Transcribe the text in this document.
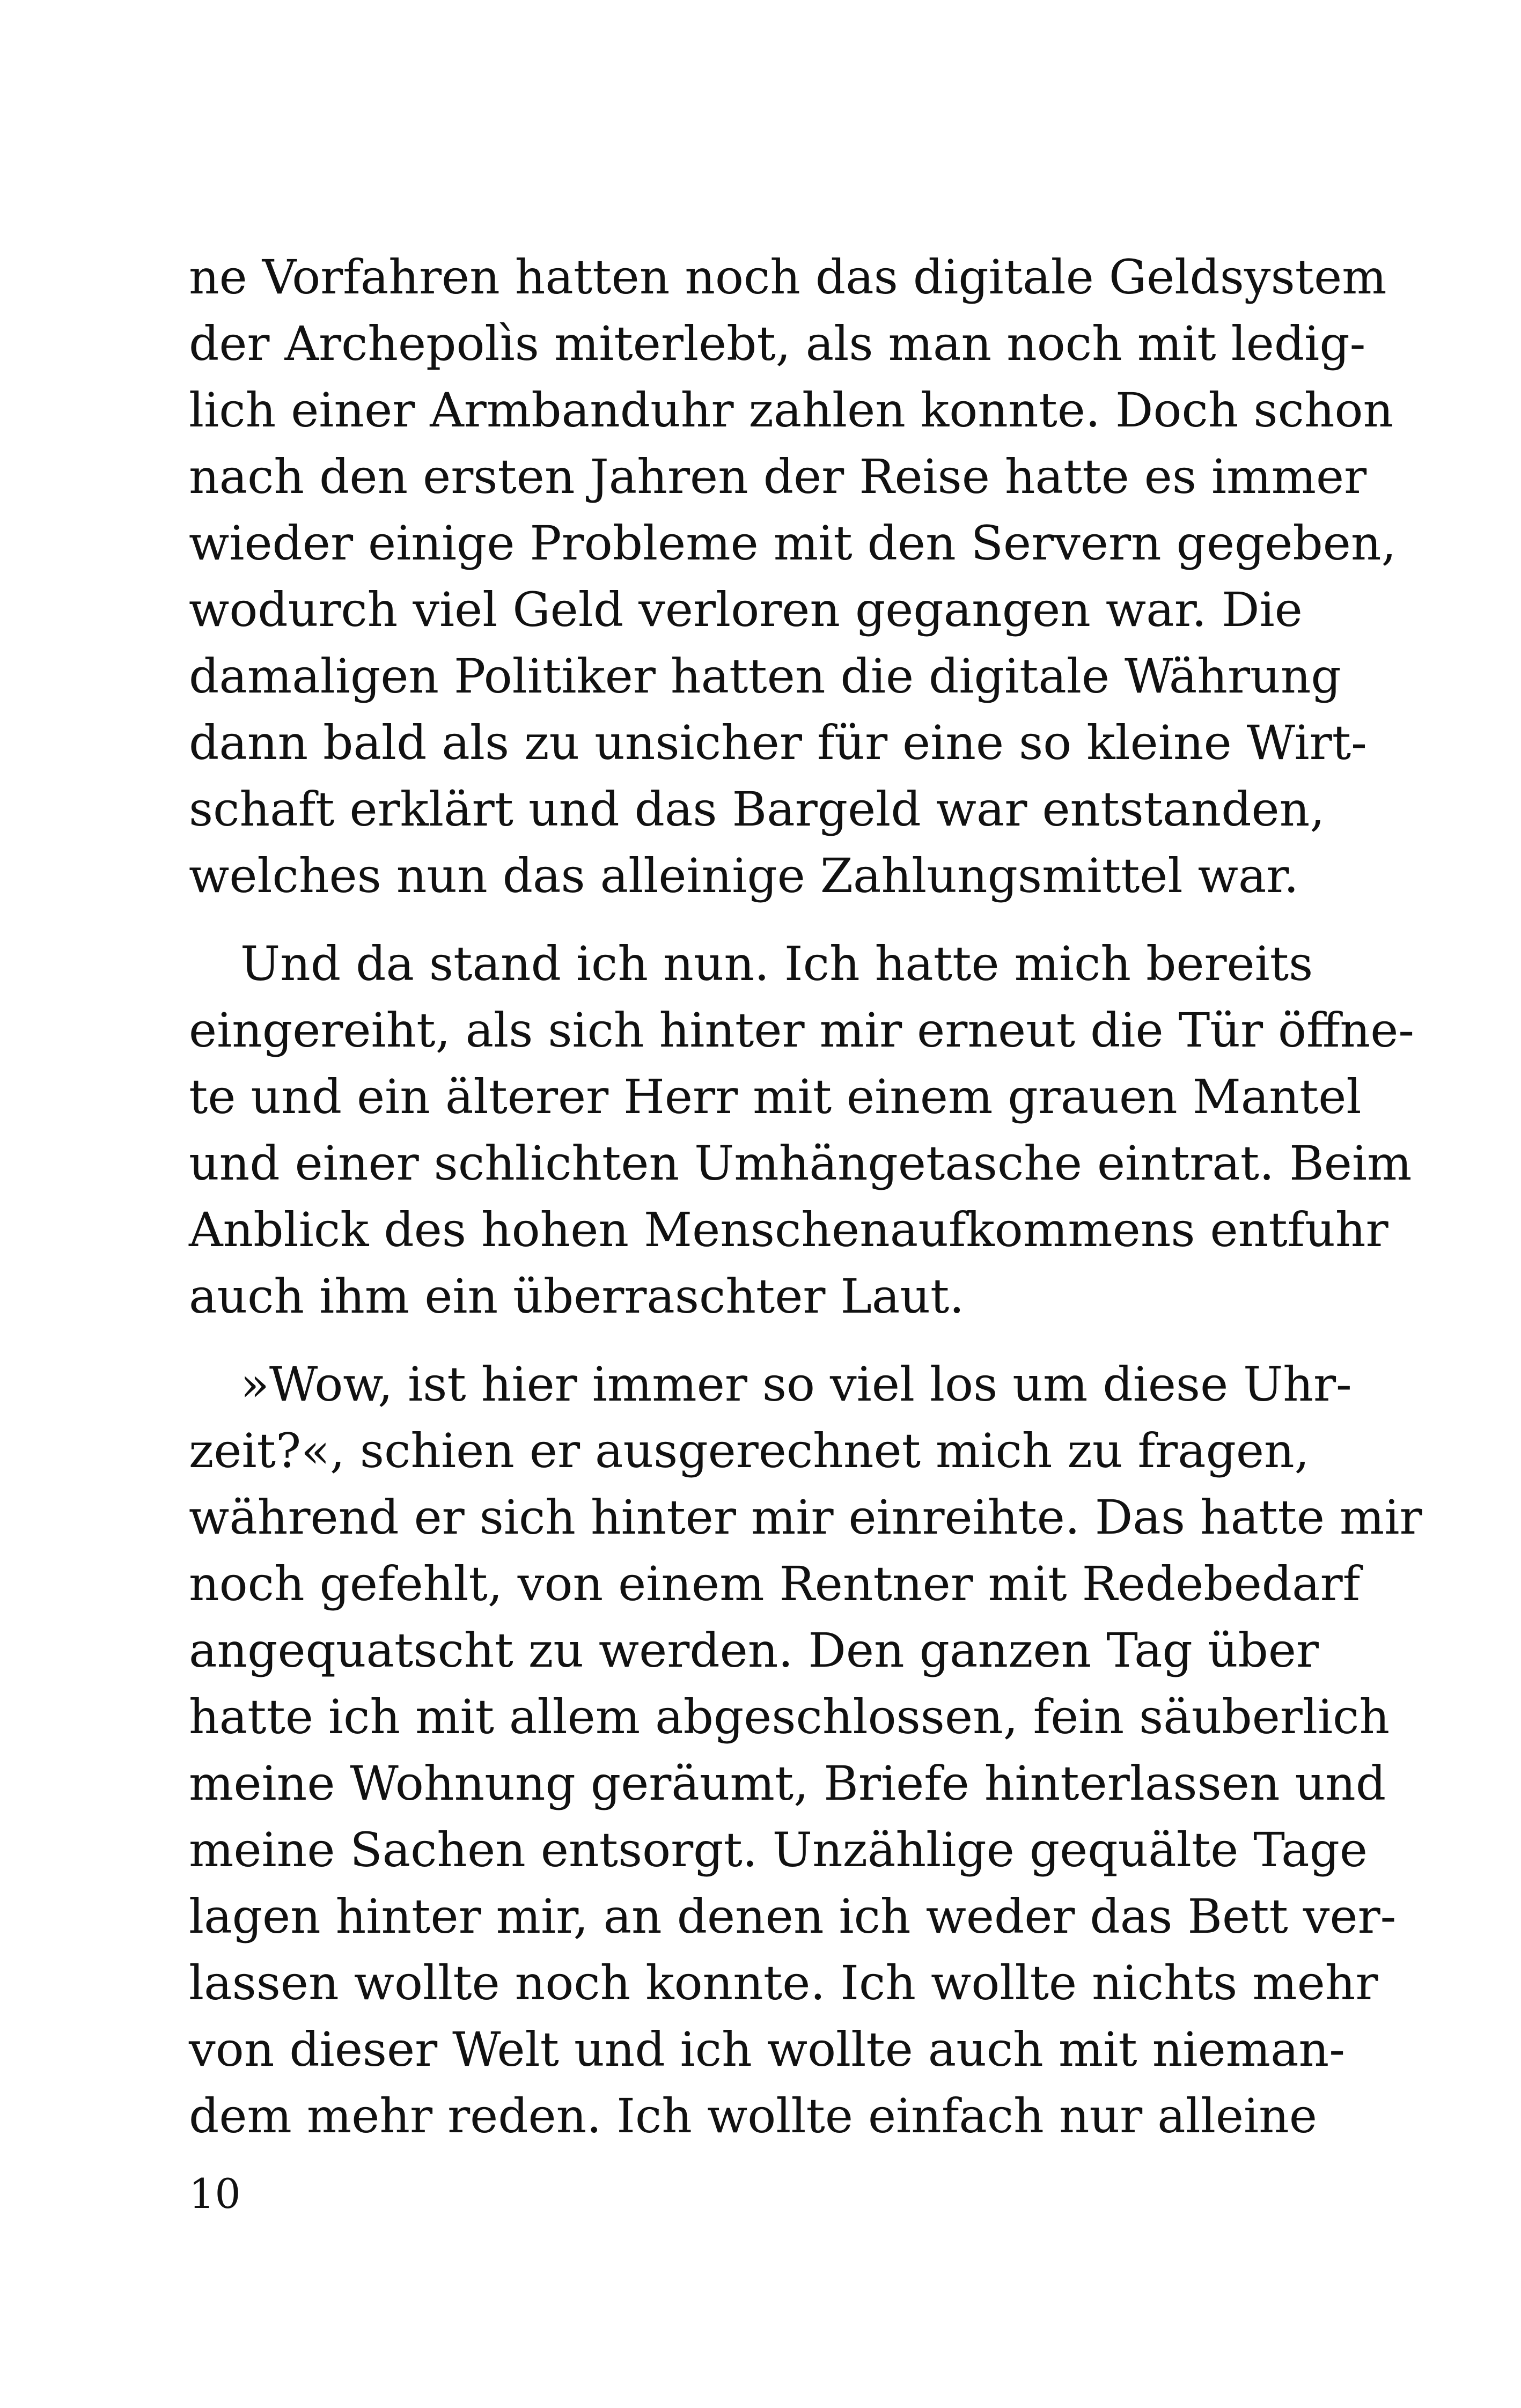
ne Vorfahren hatten noch das digitale Geldsystem
der Archepolìs miterlebt, als man noch mit ledig-
lich einer Armbanduhr zahlen konnte. Doch schon
nach den ersten Jahren der Reise hatte es immer
wieder einige Probleme mit den Servern gegeben,
wodurch viel Geld verloren gegangen war. Die
damaligen Politiker hatten die digitale Währung
dann bald als zu unsicher für eine so kleine Wirt-
schaft erklärt und das Bargeld war entstanden,
welches nun das alleinige Zahlungsmittel war.

Und da stand ich nun. Ich hatte mich bereits
eingereiht, als sich hinter mir erneut die Tür öffne-
te und ein älterer Herr mit einem grauen Mantel
und einer schlichten Umhängetasche eintrat. Beim
Anblick des hohen Menschenaufkommens entfuhr
auch ihm ein überraschter Laut.

»Wow, ist hier immer so viel los um diese Uhr-
zeit?«, schien er ausgerechnet mich zu fragen,
während er sich hinter mir einreihte. Das hatte mir
noch gefehlt, von einem Rentner mit Redebedarf
angequatscht zu werden. Den ganzen Tag über
hatte ich mit allem abgeschlossen, fein säuberlich
meine Wohnung geräumt, Briefe hinterlassen und
meine Sachen entsorgt. Unzählige gequälte Tage
lagen hinter mir, an denen ich weder das Bett ver-
lassen wollte noch konnte. Ich wollte nichts mehr
von dieser Welt und ich wollte auch mit nieman-
dem mehr reden. Ich wollte einfach nur alleine

10
